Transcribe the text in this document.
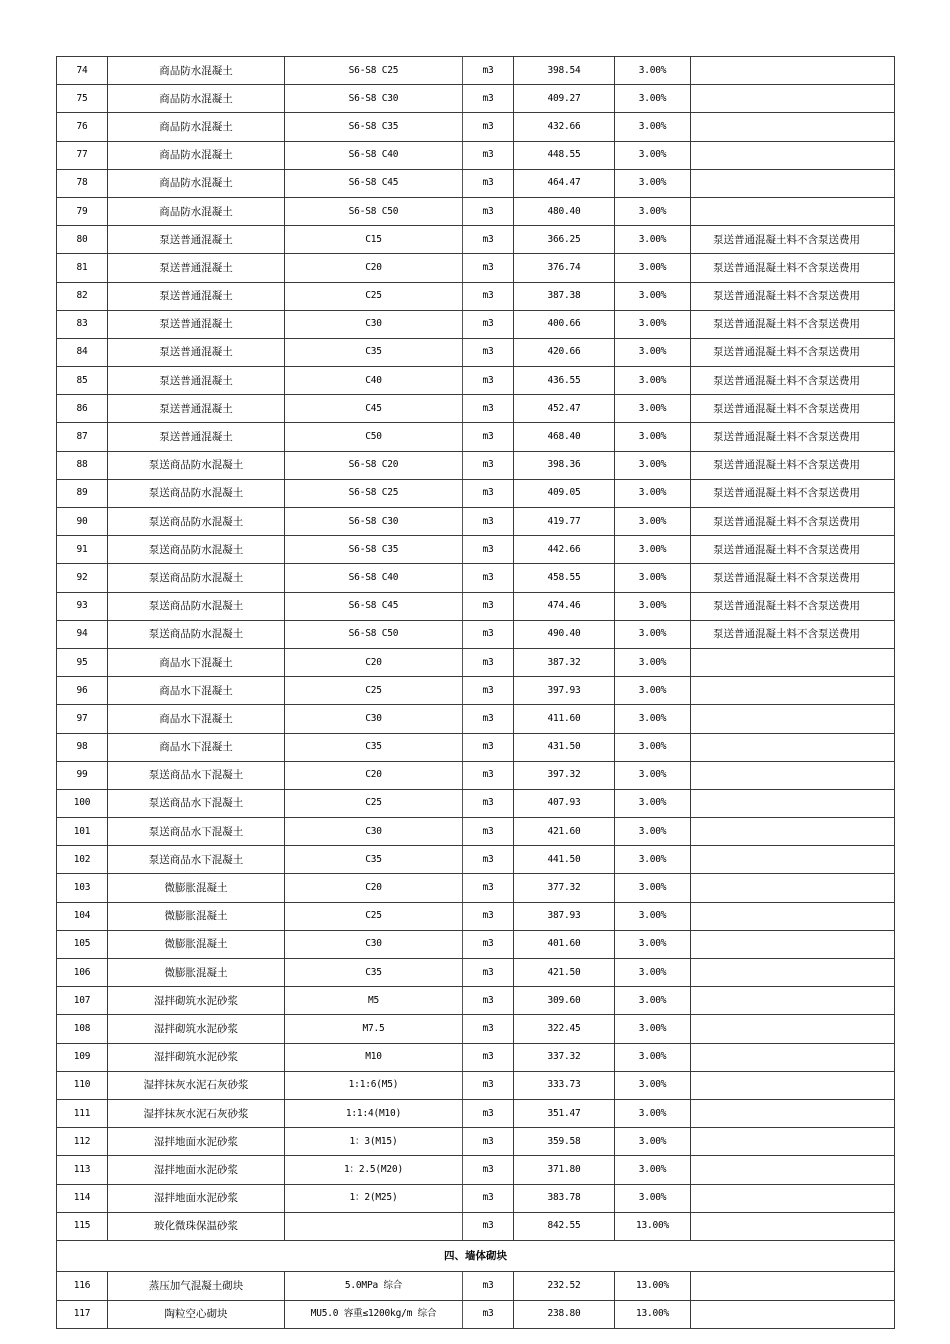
74	商品防水混凝土	S6-S8 C25	m3	398.54	3.00%	
75	商品防水混凝土	S6-S8 C30	m3	409.27	3.00%	
76	商品防水混凝土	S6-S8 C35	m3	432.66	3.00%	
77	商品防水混凝土	S6-S8 C40	m3	448.55	3.00%	
78	商品防水混凝土	S6-S8 C45	m3	464.47	3.00%	
79	商品防水混凝土	S6-S8 C50	m3	480.40	3.00%	
80	泵送普通混凝土	C15	m3	366.25	3.00%	泵送普通混凝土料不含泵送费用
81	泵送普通混凝土	C20	m3	376.74	3.00%	泵送普通混凝土料不含泵送费用
82	泵送普通混凝土	C25	m3	387.38	3.00%	泵送普通混凝土料不含泵送费用
83	泵送普通混凝土	C30	m3	400.66	3.00%	泵送普通混凝土料不含泵送费用
84	泵送普通混凝土	C35	m3	420.66	3.00%	泵送普通混凝土料不含泵送费用
85	泵送普通混凝土	C40	m3	436.55	3.00%	泵送普通混凝土料不含泵送费用
86	泵送普通混凝土	C45	m3	452.47	3.00%	泵送普通混凝土料不含泵送费用
87	泵送普通混凝土	C50	m3	468.40	3.00%	泵送普通混凝土料不含泵送费用
88	泵送商品防水混凝土	S6-S8 C20	m3	398.36	3.00%	泵送普通混凝土料不含泵送费用
89	泵送商品防水混凝土	S6-S8 C25	m3	409.05	3.00%	泵送普通混凝土料不含泵送费用
90	泵送商品防水混凝土	S6-S8 C30	m3	419.77	3.00%	泵送普通混凝土料不含泵送费用
91	泵送商品防水混凝土	S6-S8 C35	m3	442.66	3.00%	泵送普通混凝土料不含泵送费用
92	泵送商品防水混凝土	S6-S8 C40	m3	458.55	3.00%	泵送普通混凝土料不含泵送费用
93	泵送商品防水混凝土	S6-S8 C45	m3	474.46	3.00%	泵送普通混凝土料不含泵送费用
94	泵送商品防水混凝土	S6-S8 C50	m3	490.40	3.00%	泵送普通混凝土料不含泵送费用
95	商品水下混凝土	C20	m3	387.32	3.00%	
96	商品水下混凝土	C25	m3	397.93	3.00%	
97	商品水下混凝土	C30	m3	411.60	3.00%	
98	商品水下混凝土	C35	m3	431.50	3.00%	
99	泵送商品水下混凝土	C20	m3	397.32	3.00%	
100	泵送商品水下混凝土	C25	m3	407.93	3.00%	
101	泵送商品水下混凝土	C30	m3	421.60	3.00%	
102	泵送商品水下混凝土	C35	m3	441.50	3.00%	
103	微膨胀混凝土	C20	m3	377.32	3.00%	
104	微膨胀混凝土	C25	m3	387.93	3.00%	
105	微膨胀混凝土	C30	m3	401.60	3.00%	
106	微膨胀混凝土	C35	m3	421.50	3.00%	
107	湿拌砌筑水泥砂浆	M5	m3	309.60	3.00%	
108	湿拌砌筑水泥砂浆	M7.5	m3	322.45	3.00%	
109	湿拌砌筑水泥砂浆	M10	m3	337.32	3.00%	
110	湿拌抹灰水泥石灰砂浆	1:1:6(M5)	m3	333.73	3.00%	
111	湿拌抹灰水泥石灰砂浆	1:1:4(M10)	m3	351.47	3.00%	
112	湿拌地面水泥砂浆	1：3(M15)	m3	359.58	3.00%	
113	湿拌地面水泥砂浆	1：2.5(M20)	m3	371.80	3.00%	
114	湿拌地面水泥砂浆	1：2(M25)	m3	383.78	3.00%	
115	玻化微珠保温砂浆		m3	842.55	13.00%	
四、墙体砌块						
116	蒸压加气混凝土砌块	5.0MPa 综合	m3	232.52	13.00%	
117	陶粒空心砌块	MU5.0 容重≤1200kg/m 综合	m3	238.80	13.00%	
